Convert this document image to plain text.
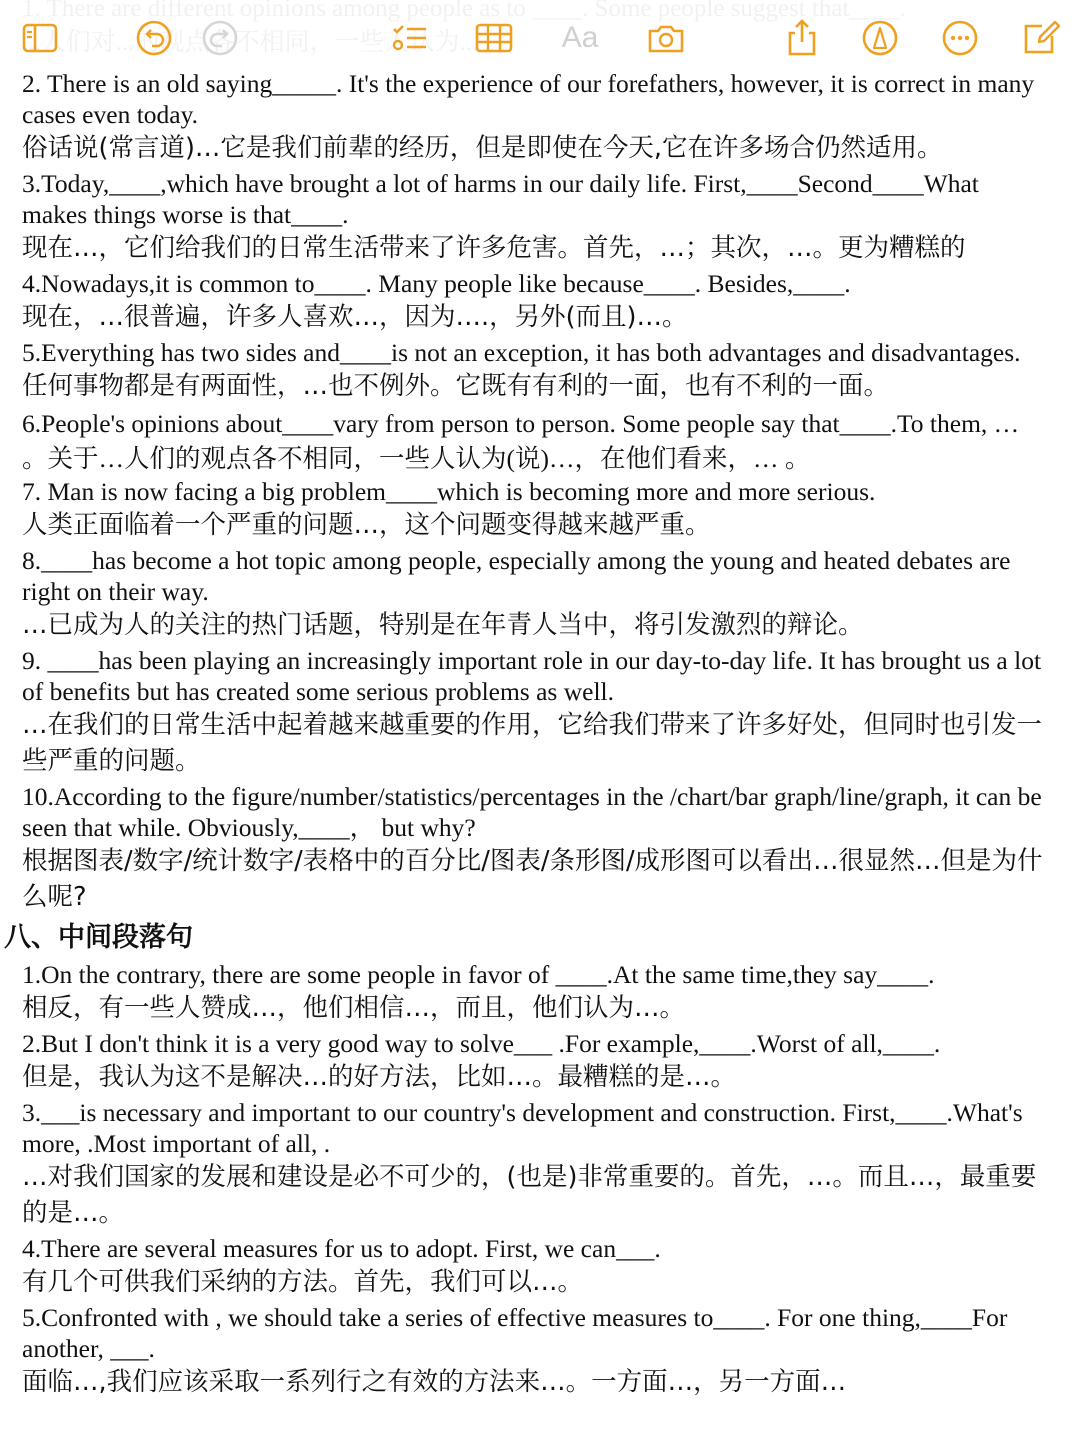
Aa
2. There is an old saying_____. It's the experience of our forefathers, however, it is correct in many cases even today.
俗话说(常言道)…它是我们前辈的经历，但是即使在今天,它在许多场合仍然适用。
3.Today,____,which have brought a lot of harms in our daily life. First,____Second____What makes things worse is that____.
现在…，它们给我们的日常生活带来了许多危害。首先，…；其次，…。更为糟糕的
4.Nowadays,it is common to____. Many people like because____. Besides,____.
现在，…很普遍，许多人喜欢…，因为….，另外(而且)…。
5.Everything has two sides and____is not an exception, it has both advantages and disadvantages.
任何事物都是有两面性，…也不例外。它既有有利的一面，也有不利的一面。
6.People's opinions about____vary from person to person. Some people say that____.To them, … 。关于…人们的观点各不相同，一些人认为(说)…，在他们看来，… 。
7. Man is now facing a big problem____which is becoming more and more serious.
人类正面临着一个严重的问题…，这个问题变得越来越严重。
8.____has become a hot topic among people, especially among the young and heated debates are right on their way.
…已成为人的关注的热门话题，特别是在年青人当中，将引发激烈的辩论。
9. ____has been playing an increasingly important role in our day-to-day life. It has brought us a lot of benefits but has created some serious problems as well.
…在我们的日常生活中起着越来越重要的作用，它给我们带来了许多好处，但同时也引发一些严重的问题。
10.According to the figure/number/statistics/percentages in the /chart/bar graph/line/graph, it can be seen that while. Obviously,____， but why?
根据图表/数字/统计数字/表格中的百分比/图表/条形图/成形图可以看出…很显然…但是为什么呢?
八、中间段落句
1.On the contrary, there are some people in favor of ____.At the same time,they say____.
相反，有一些人赞成…，他们相信…，而且，他们认为…。
2.But I don't think it is a very good way to solve___ .For example,____.Worst of all,____.
但是，我认为这不是解决…的好方法，比如…。最糟糕的是…。
3.___is necessary and important to our country's development and construction. First,____.What's more, .Most important of all, .
…对我们国家的发展和建设是必不可少的，(也是)非常重要的。首先，…。而且…，最重要的是…。
4.There are several measures for us to adopt. First, we can___.
有几个可供我们采纳的方法。首先，我们可以…。
5.Confronted with , we should take a series of effective measures to____. For one thing,____For another, ___.
面临…,我们应该采取一系列行之有效的方法来…。一方面…，另一方面…
